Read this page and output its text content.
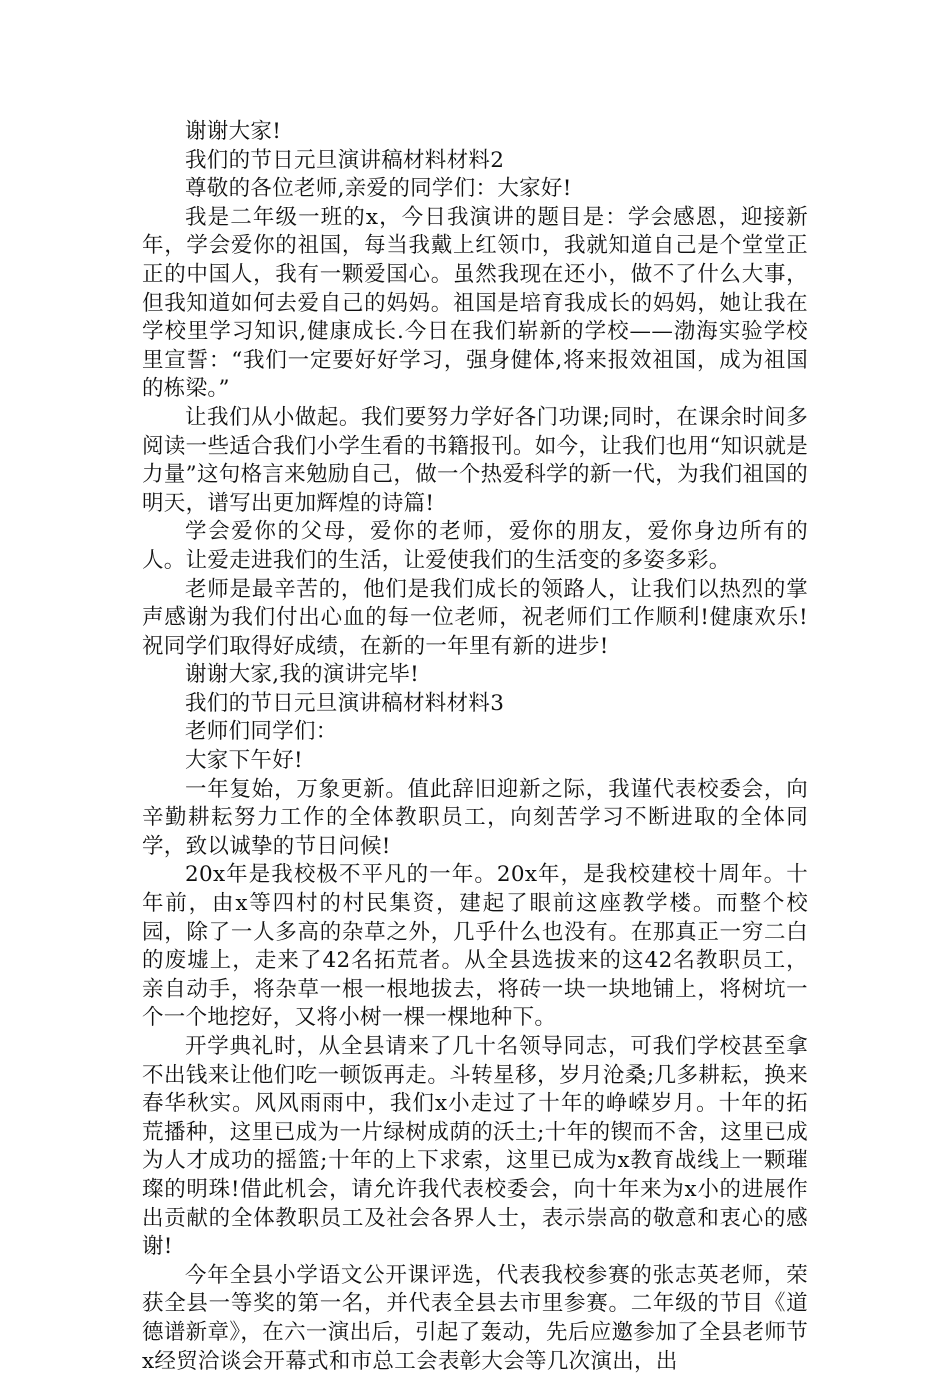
谢谢大家!

我们的节日元旦演讲稿材料材料2

尊敬的各位老师,亲爱的同学们：大家好!

我是二年级一班的x，今日我演讲的题目是：学会感恩，迎接新年，学会爱你的祖国，每当我戴上红领巾，我就知道自己是个堂堂正正的中国人，我有一颗爱国心。虽然我现在还小，做不了什么大事，但我知道如何去爱自己的妈妈。祖国是培育我成长的妈妈，她让我在学校里学习知识,健康成长.今日在我们崭新的学校——渤海实验学校里宣誓：“我们一定要好好学习，强身健体,将来报效祖国，成为祖国的栋梁。”

让我们从小做起。我们要努力学好各门功课;同时，在课余时间多阅读一些适合我们小学生看的书籍报刊。如今，让我们也用“知识就是力量”这句格言来勉励自己，做一个热爱科学的新一代，为我们祖国的明天，谱写出更加辉煌的诗篇!

学会爱你的父母，爱你的老师，爱你的朋友，爱你身边所有的人。让爱走进我们的生活，让爱使我们的生活变的多姿多彩。

老师是最辛苦的，他们是我们成长的领路人，让我们以热烈的掌声感谢为我们付出心血的每一位老师，祝老师们工作顺利!健康欢乐!祝同学们取得好成绩，在新的一年里有新的进步!

谢谢大家,我的演讲完毕!

我们的节日元旦演讲稿材料材料3

老师们同学们：

大家下午好!

一年复始，万象更新。值此辞旧迎新之际，我谨代表校委会，向辛勤耕耘努力工作的全体教职员工，向刻苦学习不断进取的全体同学，致以诚挚的节日问候!

20x年是我校极不平凡的一年。20x年，是我校建校十周年。十年前，由x等四村的村民集资，建起了眼前这座教学楼。而整个校园，除了一人多高的杂草之外，几乎什么也没有。在那真正一穷二白的废墟上，走来了42名拓荒者。从全县选拔来的这42名教职员工，亲自动手，将杂草一根一根地拔去，将砖一块一块地铺上，将树坑一个一个地挖好，又将小树一棵一棵地种下。

开学典礼时，从全县请来了几十名领导同志，可我们学校甚至拿不出钱来让他们吃一顿饭再走。斗转星移，岁月沧桑;几多耕耘，换来春华秋实。风风雨雨中，我们x小走过了十年的峥嵘岁月。十年的拓荒播种，这里已成为一片绿树成荫的沃土;十年的锲而不舍，这里已成为人才成功的摇篮;十年的上下求索，这里已成为x教育战线上一颗璀璨的明珠!借此机会，请允许我代表校委会，向十年来为x小的进展作出贡献的全体教职员工及社会各界人士，表示崇高的敬意和衷心的感谢!

今年全县小学语文公开课评选，代表我校参赛的张志英老师，荣获全县一等奖的第一名，并代表全县去市里参赛。二年级的节目《道德谱新章》，在六一演出后，引起了轰动，先后应邀参加了全县老师节x经贸洽谈会开幕式和市总工会表彰大会等几次演出，出
